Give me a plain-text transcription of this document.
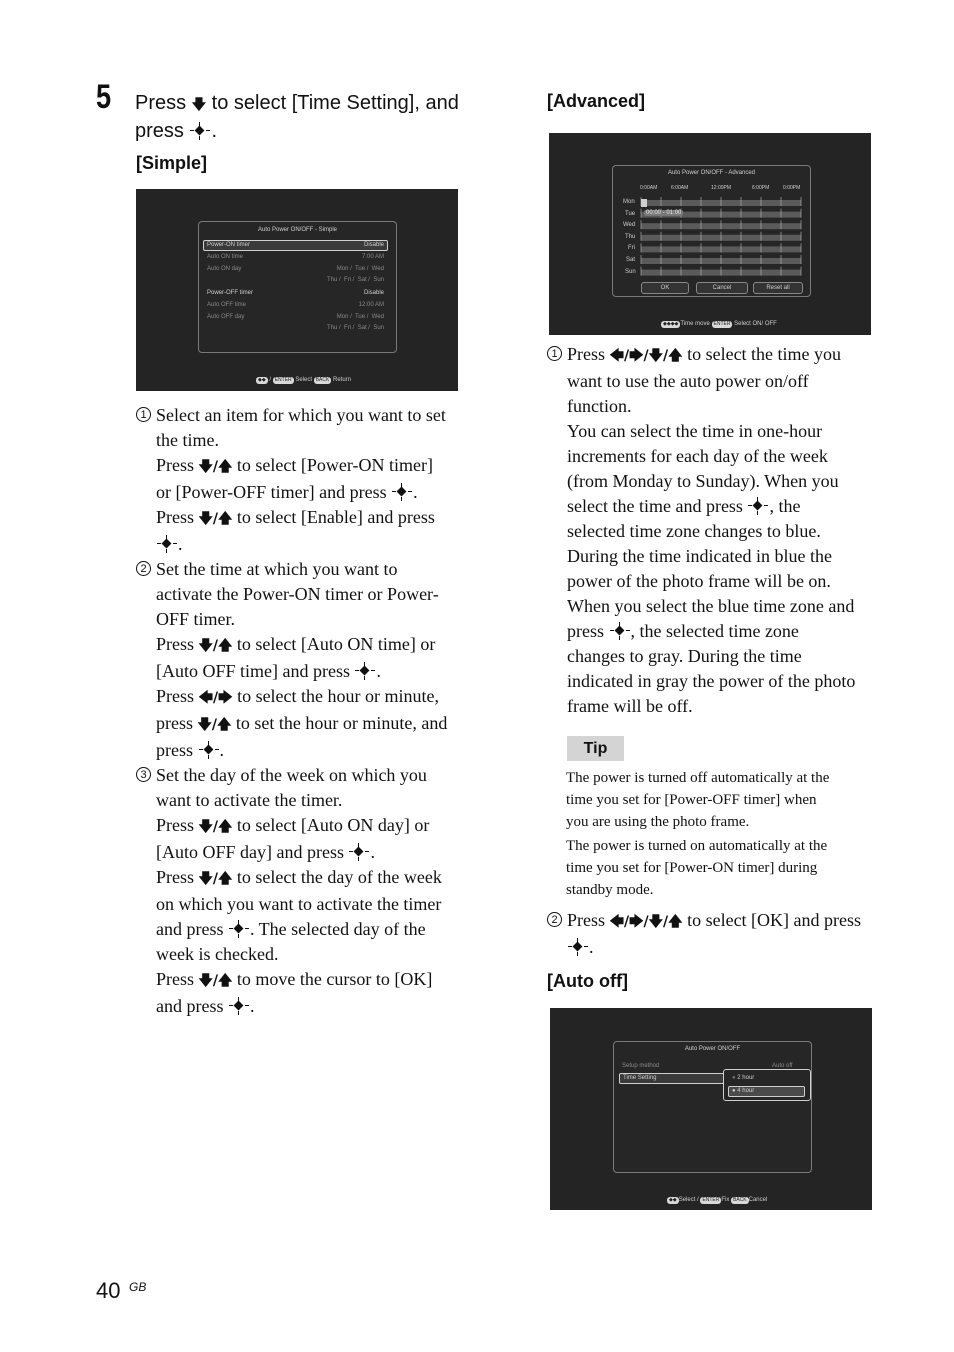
5 Press 🡇 to select [Time Setting], and
press .
[Simple]
Auto Power ON/OFF - Simple
Power-ON timer	Disable
Auto ON time	7:00 AM
Auto ON day	Mon /  Tue /  Wed
Thu /  Fri /  Sat /  Sun
Power-OFF timer	Disable
Auto OFF time	12:00 AM
Auto OFF day	Mon /  Tue /  Wed
Thu /  Fri /  Sat /  Sun
◆◆ / ENTER Select BACK Return
1 Select an item for which you want to set

the time.

Press 🡇/🡅 to select [Power-ON timer]

or [Power-OFF timer] and press .

Press 🡇/🡅 to select [Enable] and press

.

2 Set the time at which you want to

activate the Power-ON timer or Power-

OFF timer.

Press 🡇/🡅 to select [Auto ON time] or

[Auto OFF time] and press .

Press 🡄/🡆 to select the hour or minute,

press 🡇/🡅 to set the hour or minute, and

press .

3 Set the day of the week on which you

want to activate the timer.

Press 🡇/🡅 to select [Auto ON day] or

[Auto OFF day] and press .

Press 🡇/🡅 to select the day of the week

on which you want to activate the timer

and press . The selected day of the

week is checked.

Press 🡇/🡅 to move the cursor to [OK]

and press .

[Advanced]
Auto Power ON/OFF - Advanced
0:00AM	6:00AM	12:00PM	6:00PM	0:00PM
00:00 - 01:00
Mon
Tue
Wed
Thu
Fri
Sat
Sun
OK	Cancel	Reset all
◆◆◆◆ Time move ENTER Select ON/ OFF
1 Press 🡄/🡆/🡇/🡅 to select the time you

want to use the auto power on/off

function.

You can select the time in one-hour

increments for each day of the week

(from Monday to Sunday). When you

select the time and press , the

selected time zone changes to blue.

During the time indicated in blue the

power of the photo frame will be on.

When you select the blue time zone and

press , the selected time zone

changes to gray. During the time

indicated in gray the power of the photo

frame will be off.

Tip
The power is turned off automatically at the
time you set for [Power-OFF timer] when
you are using the photo frame.
The power is turned on automatically at the
time you set for [Power-ON timer] during
standby mode.
2 Press 🡄/🡆/🡇/🡅 to select [OK] and press

.

[Auto off]
Auto Power ON/OFF
Setup method	Auto off
Time Setting	● 2 hour
● 4 hour
◆◆ Select / ENTER Fix BACK Cancel
40 GB
